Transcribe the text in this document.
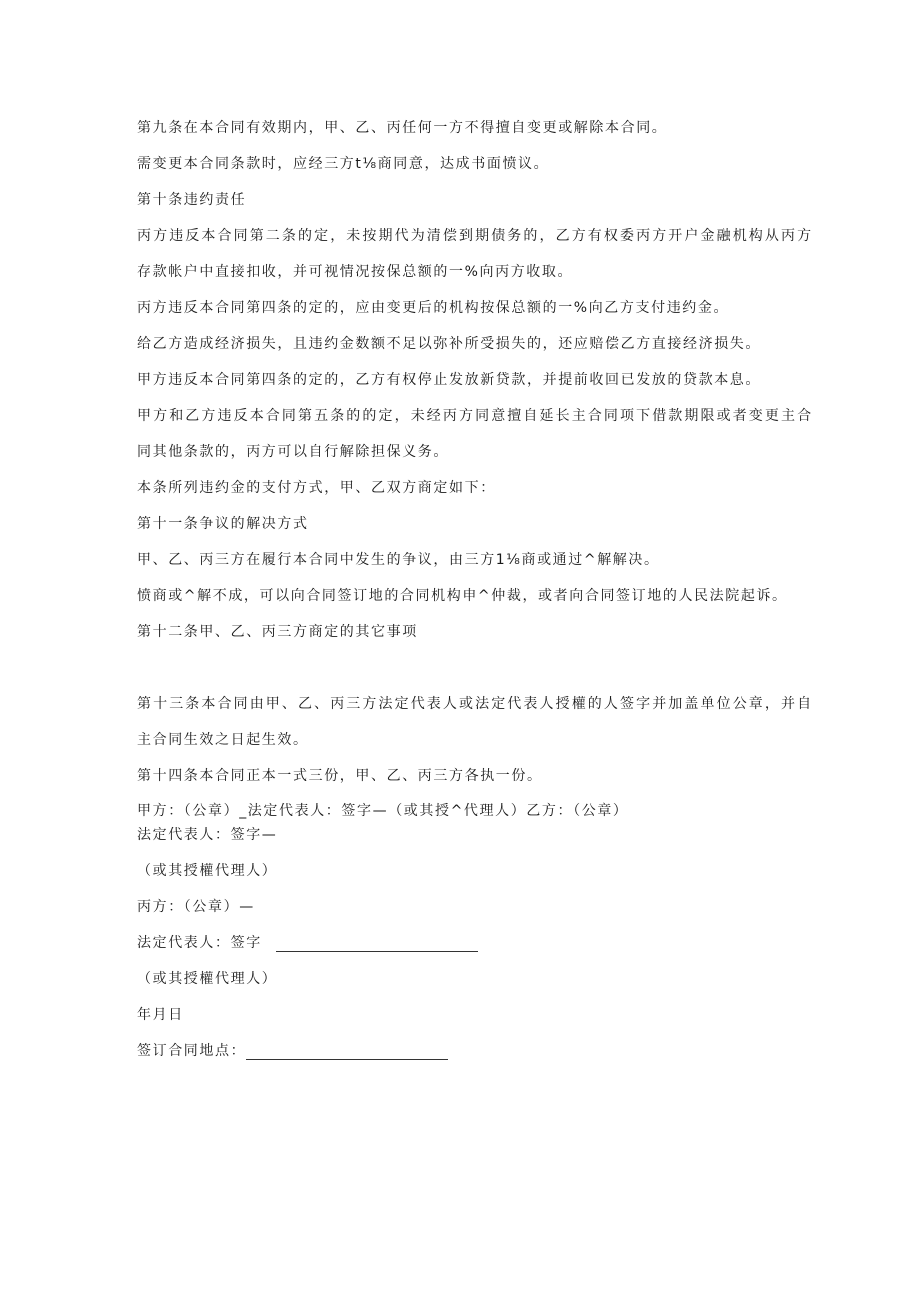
第九条在本合同有效期内，甲、乙、丙任何一方不得擅自变更或解除本合同。
需变更本合同条款时，应经三方t⅛商同意，达成书面愤议。
第十条违约责任
丙方违反本合同第二条的定，未按期代为清偿到期债务的，乙方有权委丙方开户金融机构从丙方
存款帐户中直接扣收，并可视情况按保总额的一%向丙方收取。
丙方违反本合同第四条的定的，应由变更后的机构按保总额的一%向乙方支付违约金。
给乙方造成经济损失，且违约金数额不足以弥补所受损失的，还应赔偿乙方直接经济损失。
甲方违反本合同第四条的定的，乙方有权停止发放新贷款，并提前收回已发放的贷款本息。
甲方和乙方违反本合同第五条的的定，未经丙方同意擅自延长主合同项下借款期限或者变更主合
同其他条款的，丙方可以自行解除担保义务。
本条所列违约金的支付方式，甲、乙双方商定如下：
第十一条争议的解决方式
甲、乙、丙三方在履行本合同中发生的争议，由三方1⅛商或通过^解解决。
愤商或^解不成，可以向合同签订地的合同机构申^仲裁，或者向合同签订地的人民法院起诉。
第十二条甲、乙、丙三方商定的其它事项
第十三条本合同由甲、乙、丙三方法定代表人或法定代表人授權的人签字并加盖单位公章，并自
主合同生效之日起生效。
第十四条本合同正本一式三份，甲、乙、丙三方各执一份。
甲方：（公章）_法定代表人：签字—（或其授^代理人）乙方：（公章）
法定代表人：签字—
（或其授權代理人）
丙方：（公章）—
法定代表人：签字
（或其授權代理人）
年月日
签订合同地点：
